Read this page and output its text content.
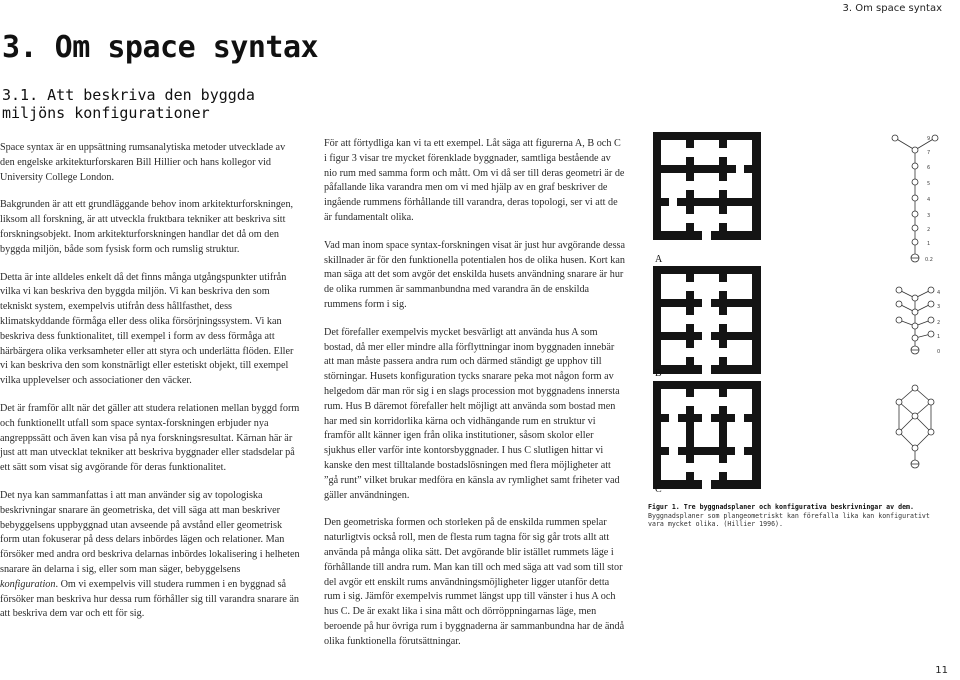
3. Om space syntax
3. Om space syntax
3.1. Att beskriva den byggda miljöns konfigurationer

Space syntax är en uppsättning rumsanalytiska metoder utvecklade av den engelske arkitekturforskaren Bill Hillier och hans kollegor vid University College London.

Bakgrunden är att ett grundläggande behov inom arkitekturforskningen, liksom all forskning, är att utveckla fruktbara tekniker att beskriva sitt forskningsobjekt. Inom arkitekturforskningen handlar det då om den byggda miljön, både som fysisk form och rumslig struktur.

Detta är inte alldeles enkelt då det finns många utgångspunkter utifrån vilka vi kan beskriva den byggda miljön. Vi kan beskriva den som tekniskt system, exempelvis utifrån dess hållfasthet, dess klimatskyddande förmåga eller dess olika försörjningssystem. Vi kan beskriva dess funktionalitet, till exempel i form av dess förmåga att härbärgera olika verksamheter eller att styra och underlätta flöden. Eller vi kan beskriva den som konstnärligt eller estetiskt objekt, till exempel vilka upplevelser och associationer den väcker.

Det är framför allt när det gäller att studera relationen mellan byggd form och funktionellt utfall som space syntax-forskningen erbjuder nya angreppssätt och även kan visa på nya forskningsresultat. Kärnan här är just att man utvecklat tekniker att beskriva byggnader eller stadsdelar på ett sätt som visat sig avgörande för deras funktionalitet.

Det nya kan sammanfattas i att man använder sig av topologiska beskrivningar snarare än geometriska, det vill säga att man beskriver bebyggelsens uppbyggnad utan avseende på avstånd eller geometrisk form utan fokuserar på dess delars inbördes lägen och relationer. Man försöker med andra ord beskriva delarnas inbördes lokalisering i helheten snarare än delarna i sig, eller som man säger, bebyggelsens konfiguration. Om vi exempelvis vill studera rummen i en byggnad så försöker man beskriva hur dessa rum förhåller sig till varandra snarare än att beskriva dem var och ett för sig.

För att förtydliga kan vi ta ett exempel. Låt säga att figurerna A, B och C i figur 3 visar tre mycket förenklade byggnader, samtliga bestående av nio rum med samma form och mått. Om vi då ser till deras geometri är de påfallande lika varandra men om vi med hjälp av en graf beskriver de ingående rummens förhållande till varandra, deras topologi, ser vi att de är fundamentalt olika.

Vad man inom space syntax-forskningen visat är just hur avgörande dessa skillnader är för den funktionella potentialen hos de olika husen. Kort kan man säga att det som avgör det enskilda husets användning snarare är hur de olika rummen är sammanbundna med varandra än de enskilda rummens form i sig.

Det förefaller exempelvis mycket besvärligt att använda hus A som bostad, då mer eller mindre alla förflyttningar inom byggnaden innebär att man måste passera andra rum och därmed ständigt ge upphov till störningar. Husets konfiguration tycks snarare peka mot någon form av helgedom där man rör sig i en slags procession mot byggnadens innersta rum. Hus B däremot förefaller helt möjligt att använda som bostad men har med sin korridorlika kärna och vidhängande rum en struktur vi framför allt känner igen från olika institutioner, såsom skolor eller sjukhus eller varför inte kontorsbyggnader. I hus C slutligen hittar vi kanske den mest tilltalande bostadslösningen med flera möjligheter att ”gå runt” vilket brukar medföra en känsla av rymlighet samt friheter vad gäller användningen.

Den geometriska formen och storleken på de enskilda rummen spelar naturligtvis också roll, men de flesta rum tagna för sig går trots allt att använda på många olika sätt. Det avgörande blir istället rummets läge i förhållande till andra rum. Man kan till och med säga att vad som till stor del avgör ett enskilt rums användningsmöjligheter ligger utanför detta rum i sig. Jämför exempelvis rummet längst upp till vänster i hus A och hus C. De är exakt lika i sina mått och dörröppningarnas läge, men beroende på hur övriga rum i byggnaderna är sammanbundna har de ändå olika funktionella förutsättningar.

A
B
C
9
7
6
5
4
3
2
1
0.2
4
3
2
1
0
Figur 1. Tre byggnadsplaner och konfigurativa beskrivningar av dem.
Byggnadsplaner som plangeometriskt kan förefalla lika kan konfigurativt vara mycket olika. (Hillier 1996).
11
